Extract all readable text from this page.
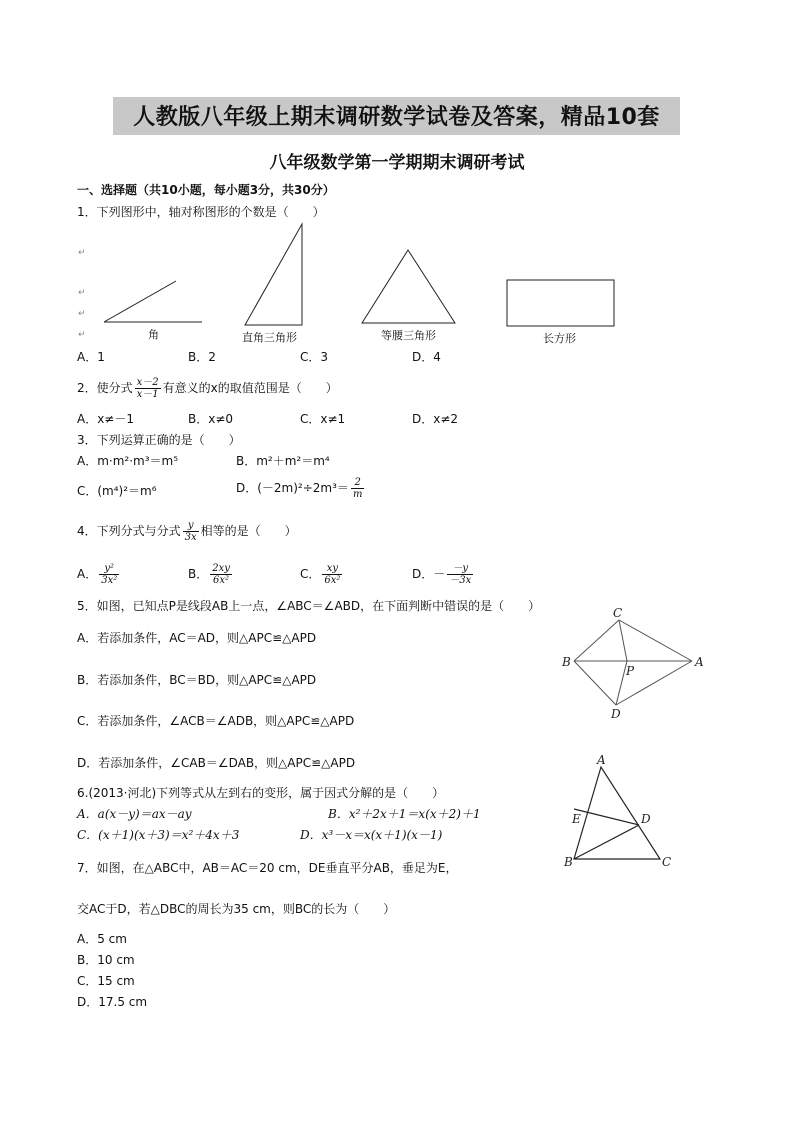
人教版八年级上期末调研数学试卷及答案，精品10套
八年级数学第一学期期末调研考试
一、选择题（共10小题，每小题3分，共30分）
1．下列图形中，轴对称图形的个数是（　　）
↵
↵
↵
↵	角	直角三角形	等腰三角形	长方形
A．1	B．2	C．3	D．4
2．使分式 $\frac{x-2}{x-1}$ 有意义的x的取值范围是（　　）
A．x≠－1	B．x≠0	C．x≠1	D．x≠2
3．下列运算正确的是（　　）
A．m·m²·m³＝m⁵	B．m²＋m²＝m⁴
C．(m⁴)²＝m⁶	D．$(-2m)^2\div 2m^3= \frac{2}{m}$
4．下列分式与分式 $\frac{y}{3x}$ 相等的是（　　）
A． $\frac{\text{y²}}{\text{3x²}}$	B． $\frac{2xy}{\text{6x²}}$	C． $\frac{xy}{\text{6x²}}$	D．－ $\frac{-y}{-3x}$
5．如图，已知点P是线段AB上一点，∠ABC＝∠ABD，在下面判断中错误的是（　　）
A．若添加条件，AC＝AD，则△APC≌△APD
B．若添加条件，BC＝BD，则△APC≌△APD
C．若添加条件，∠ACB＝∠ADB，则△APC≌△APD
D．若添加条件，∠CAB＝∠DAB，则△APC≌△APD
C
B
P
A
D
6.(2013·河北)下列等式从左到右的变形，属于因式分解的是（　　）
A．a(x－y)＝ax－ay	B．x²＋2x＋1＝x(x＋2)＋1
C．(x＋1)(x＋3)＝x²＋4x＋3	D．x³－x＝x(x＋1)(x－1)
7．如图，在△ABC中，AB＝AC＝20 cm，DE垂直平分AB，垂足为E，
交AC于D，若△DBC的周长为35 cm，则BC的长为（　　）
A．5 cm
B．10 cm
C．15 cm
D．17.5 cm
A
E	D
B	C
